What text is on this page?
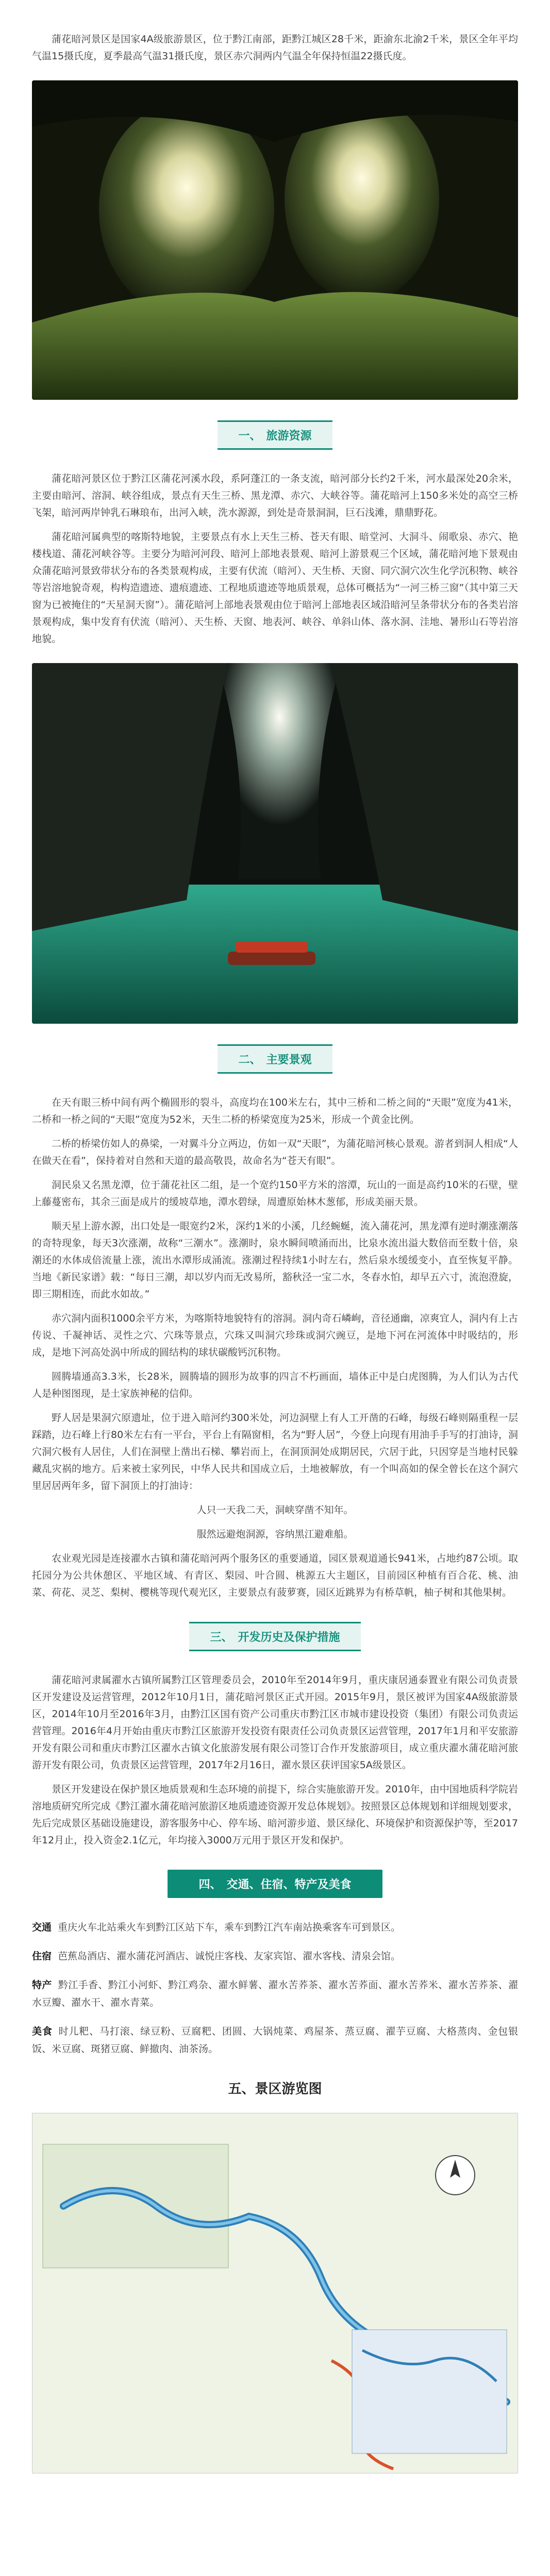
蒲花暗河景区是国家4A级旅游景区，位于黔江南部，距黔江城区28千米，距渝东北渝2千米，景区全年平均气温15摄氏度，夏季最高气温31摄氏度，景区赤穴洞两内气温全年保持恒温22摄氏度。

一、 旅游资源

蒲花暗河景区位于黔江区蒲花河溪水段，系阿蓬江的一条支流，暗河部分长约2千米，河水最深处20余米，主要由暗河、溶洞、峡谷组成，景点有天生三桥、黑龙潭、赤穴、大峡谷等。蒲花暗河上150多米处的高空三桥飞架，暗河两岸钟乳石琳琅布，出河入峡，洗水源源，到处是奇景洞洞，巨石浅滩，鼎鼎野花。

蒲花暗河属典型的喀斯特地貌，主要景点有水上天生三桥、苍天有眼、暗堂河、大洞斗、闹歌泉、赤穴、艳楼栈道、蒲花河峡谷等。主要分为暗河河段、暗河上部地表景观、暗河上游景观三个区域，蒲花暗河地下景观由众蒲花暗河景致带状分布的各类景观构成，主要有伏流（暗河）、天生桥、天窗、同穴洞穴次生化学沉积物、峡谷等岩溶地貌奇观，构构造遗迹、遗痕遗迹、工程地质遗迹等地质景观，总体可概括为“一河三桥三窗”（其中第三天窗为已被掩住的“天星洞天窗”）。蒲花暗河上部地表景观由位于暗河上部地表区域沿暗河呈条带状分布的各类岩溶景观构成，集中发育有伏流（暗河）、天生桥、天窗、地表河、峡谷、单斜山体、落水洞、洼地、暑形山石等岩溶地貌。

二、 主要景观

在天有眼三桥中间有两个椭圆形的裂斗，高度均在100米左右，其中三桥和二桥之间的“天眼”宽度为41米，二桥和一桥之间的“天眼”宽度为52米，天生二桥的桥梁宽度为25米，形成一个黄金比例。

二桥的桥梁仿如人的鼻梁，一对翼斗分立两边，仿如一双“天眼”，为蒲花暗河核心景观。游者到洞人相成“人在做天在看”，保持着对自然和天道的最高敬畏，故命名为“苍天有眼”。

洞民泉又名黑龙潭，位于蒲花社区二组，是一个宽约150平方米的溶潭，玩山的一面是高约10米的石壁，壁上藤蔓密布，其余三面是成片的缓坡草地，潭水碧绿，周遭原始林木葱郁，形成美丽天景。

顺天星上游水源，出口处是一眼宽约2米，深约1米的小溪，几经蜿蜒，流入蒲花河，黑龙潭有逆时潮涨潮落的奇特现象，每天3次涨潮，故称“三潮水”。涨潮时，泉水瞬间喷涌而出，比泉水流出溢大数倍而至数十倍，泉潮还的水体成倍流量上涨，流出水潭形成涌流。涨潮过程持续1小时左右，然后泉水缓缓变小，直至恢复平静。当地《新民家谱》载：“每日三潮，却以岁内而无改易所，豁秋泾一宝二水，冬春水怕，却早五六寸，流泡澄旋，即三期相连，而此水如故。”

赤穴洞内面积1000余平方米，为喀斯特地貌特有的溶洞。洞内奇石嶙峋，音径通幽，凉爽宜人，洞内有上古传说、千凝神话、灵性之穴、穴珠等景点，穴珠又叫洞穴珍珠或洞穴豌豆，是地下河在河流体中时吸结的，形成，是地下河高处涡中所成的圆结构的球状碳酸钙沉积物。

圆腾墙通高3.3米，长28米，圆腾墙的圆形为故事的四言不朽画面，墙体正中是白虎图腾，为人们认为古代人是种图图现，是土家族神秘的信仰。

野人居是果洞穴原遗址，位于进入暗河约300米处，河边洞壁上有人工开凿的石峰，每级石峰则隔重程一层踩踏，边石峰上行80米左右有一平台，平台上有隔窗相，名为“野人居”，今登上向现有用油手手写的打油诗，洞穴洞穴极有人居住，人们在洞壁上凿出石梯、攀岩而上，在洞顶洞处成期居民，穴居于此，只因穿是当地村民躲藏乱灾祸的地方。后来被土家列民，中华人民共和国成立后，土地被解放，有一个叫高如的保全曾长在这个洞穴里居居两年多，留下洞顶上的打油诗：

人只一天我二天，洞峡穿凿不知年。

服然远避炮洞源，容纳黑江避难船。

农业观光园是连接濯水古镇和蒲花暗河两个服务区的重要通道，园区景观道通长941米，占地约87公顷。取托园分为公共休憩区、平地区域、有青区、梨园、叶合圆、桃源五大主题区，目前园区种植有百合花、桃、油菜、荷花、灵芝、梨树、樱桃等现代观光区，主要景点有菠萝赛，园区近跳界为有桥草帆，柚子树和其他果树。

三、 开发历史及保护措施

蒲花暗河隶属濯水古镇所属黔江区管理委员会，2010年至2014年9月，重庆康居通泰置业有限公司负责景区开发建设及运营管理，2012年10月1日，蒲花暗河景区正式开园。2015年9月，景区被评为国家4A级旅游景区，2014年10月至2016年3月，由黔江区国有资产公司重庆市黔江区市城市建设投资（集团）有限公司负责运营管理。2016年4月开始由重庆市黔江区旅游开发投资有限责任公司负责景区运营管理，2017年1月和平安旅游开发有限公司和重庆市黔江区濯水古镇文化旅游发展有限公司签订合作开发旅游项目，成立重庆濯水蒲花暗河旅游开发有限公司，负责景区运营管理，2017年2月16日，濯水景区获评国家5A级景区。

景区开发建设在保护景区地质景观和生态环境的前提下，综合实施旅游开发。2010年，由中国地质科学院岩溶地质研究所完成《黔江濯水蒲花暗河旅游区地质遗迹资源开发总体规划》。按照景区总体规划和详细规划要求，先后完成景区基础设施建设，游客服务中心、停车场、暗河游步道、景区绿化、环境保护和资源保护等，至2017年12月止，投入资金2.1亿元，年均接入3000万元用于景区开发和保护。

四、 交通、住宿、特产及美食
交通 重庆火车北站乘火车到黔江区站下车，乘车到黔江汽车南站换乘客车可到景区。
住宿 芭蕉岛酒店、濯水蒲花河酒店、诚悦庄客栈、友家宾馆、濯水客栈、清泉会馆。
特产 黔江手香、黔江小河虾、黔江鸡杂、濯水鲜薯、濯水苦荞茶、濯水苦荞面、濯水苦荞米、濯水苦荞茶、濯水豆瓣、濯水干、濯水青菜。
美食 时儿粑、马打滚、绿豆粉、豆腐粑、团圆、大锅炖菜、鸡屋茶、蒸豆腐、濯芋豆腐、大格蒸肉、金包银饭、米豆腐、斑猪豆腐、鲜撤肉、油茶汤。
五、景区游览图
